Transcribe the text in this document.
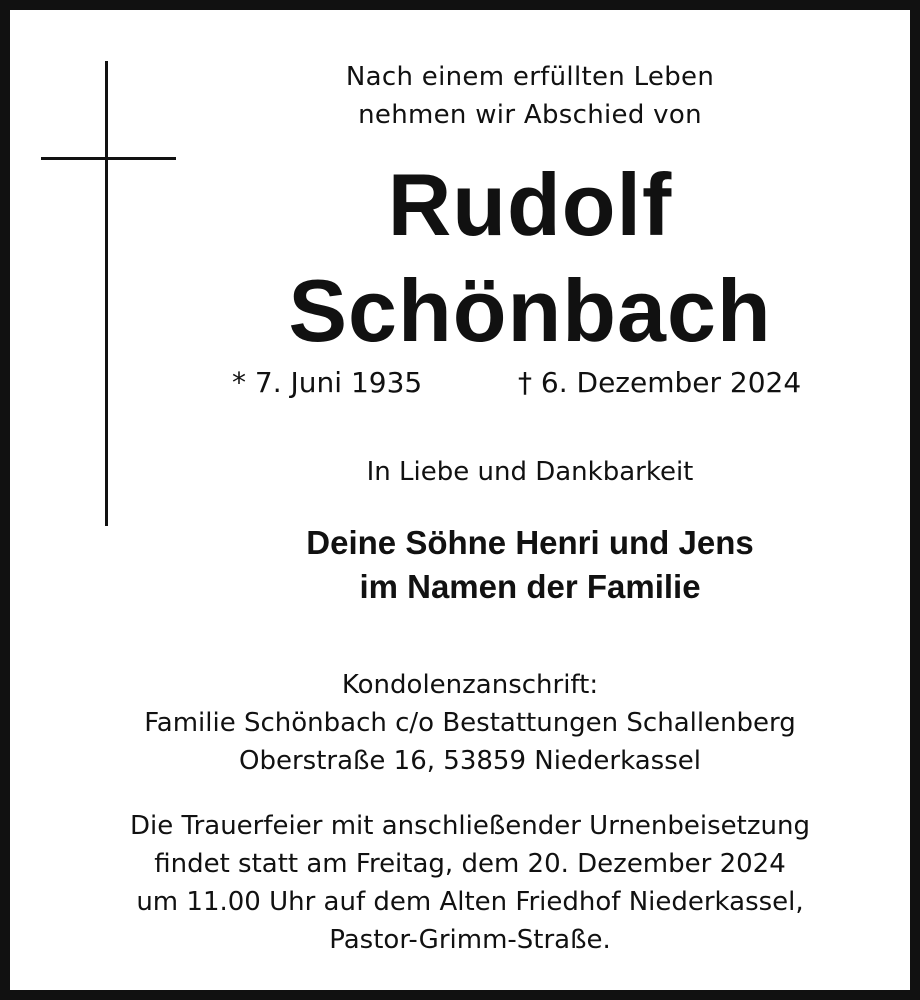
Nach einem erfüllten Leben
nehmen wir Abschied von
Rudolf
Schönbach
* 7. Juni 1935	† 6. Dezember 2024
In Liebe und Dankbarkeit
Deine Söhne Henri und Jens
im Namen der Familie
Kondolenzanschrift:
Familie Schönbach c/o Bestattungen Schallenberg
Oberstraße 16, 53859 Niederkassel
Die Trauerfeier mit anschließender Urnenbeisetzung
findet statt am Freitag, dem 20. Dezember 2024
um 11.00 Uhr auf dem Alten Friedhof Niederkassel,
Pastor-Grimm-Straße.
